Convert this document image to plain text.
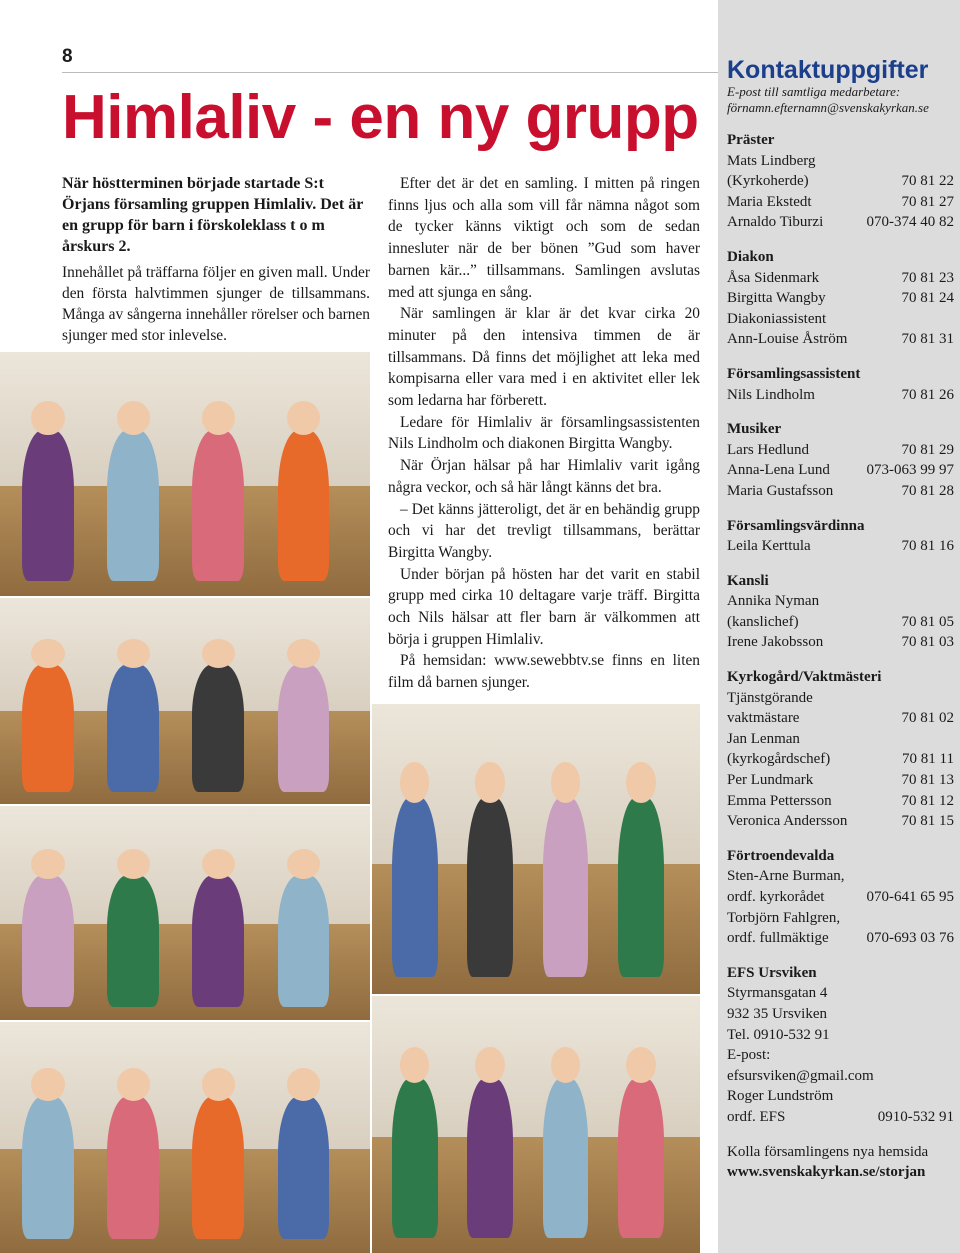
8
Himlaliv - en ny grupp
När höstterminen började startade S:t Örjans församling gruppen Himlaliv. Det är en grupp för barn i förskoleklass t o m årskurs 2.

Innehållet på träffarna följer en given mall. Under den första halvtimmen sjunger de tillsammans. Många av sångerna innehåller rörelser och barnen sjunger med stor inlevelse.

Efter det är det en samling. I mitten på ringen finns ljus och alla som vill får nämna något som de tycker känns viktigt och som de sedan innesluter när de ber bönen ”Gud som haver barnen kär...” tillsammans. Samlingen avslutas med att sjunga en sång.

När samlingen är klar är det kvar cirka 20 minuter på den intensiva timmen de är tillsammans. Då finns det möjlighet att leka med kompisarna eller vara med i en aktivitet eller lek som ledarna har förberett.

Ledare för Himlaliv är församlingsassistenten Nils Lindholm och diakonen Birgitta Wangby.

När Örjan hälsar på har Himlaliv varit igång några veckor, och så här långt känns det bra.

– Det känns jätteroligt, det är en behändig grupp och vi har det trevligt tillsammans, berättar Birgitta Wangby.

Under början på hösten har det varit en stabil grupp med cirka 10 deltagare varje träff. Birgitta och Nils hälsar att fler barn är välkommen att börja i gruppen Himlaliv.

På hemsidan: www.sewebbtv.se finns en liten film då barnen sjunger.

Kontaktuppgifter
E-post till samtliga medarbetare:
förnamn.efternamn@svenskakyrkan.se
Präster
Mats Lindberg
(Kyrkoherde)	70 81 22
Maria Ekstedt	70 81 27
Arnaldo Tiburzi	070-374 40 82
Diakon
Åsa Sidenmark	70 81 23
Birgitta Wangby	70 81 24
Diakoniassistent
Ann-Louise Åström	70 81 31
Församlingsassistent
Nils Lindholm	70 81 26
Musiker
Lars Hedlund	70 81 29
Anna-Lena Lund 073-063 99 97
Maria Gustafsson	70 81 28
Församlingsvärdinna
Leila Kerttula	70 81 16
Kansli
Annika Nyman
(kanslichef)	70 81 05
Irene Jakobsson	70 81 03
Kyrkogård/Vaktmästeri
Tjänstgörande
vaktmästare	70 81 02
Jan Lenman
(kyrkogårdschef)	70 81 11
Per Lundmark	70 81 13
Emma Pettersson	70 81 12
Veronica Andersson	70 81 15
Förtroendevalda
Sten-Arne Burman,
ordf. kyrkorådet	070-641 65 95
Torbjörn Fahlgren,
ordf. fullmäktige	070-693 03 76
EFS Ursviken
Styrmansgatan 4
932 35 Ursviken
Tel. 0910-532 91
E-post:
efsursviken@gmail.com
Roger Lundström
ordf. EFS	0910-532 91
Kolla församlingens nya hemsida
www.svenskakyrkan.se/storjan
